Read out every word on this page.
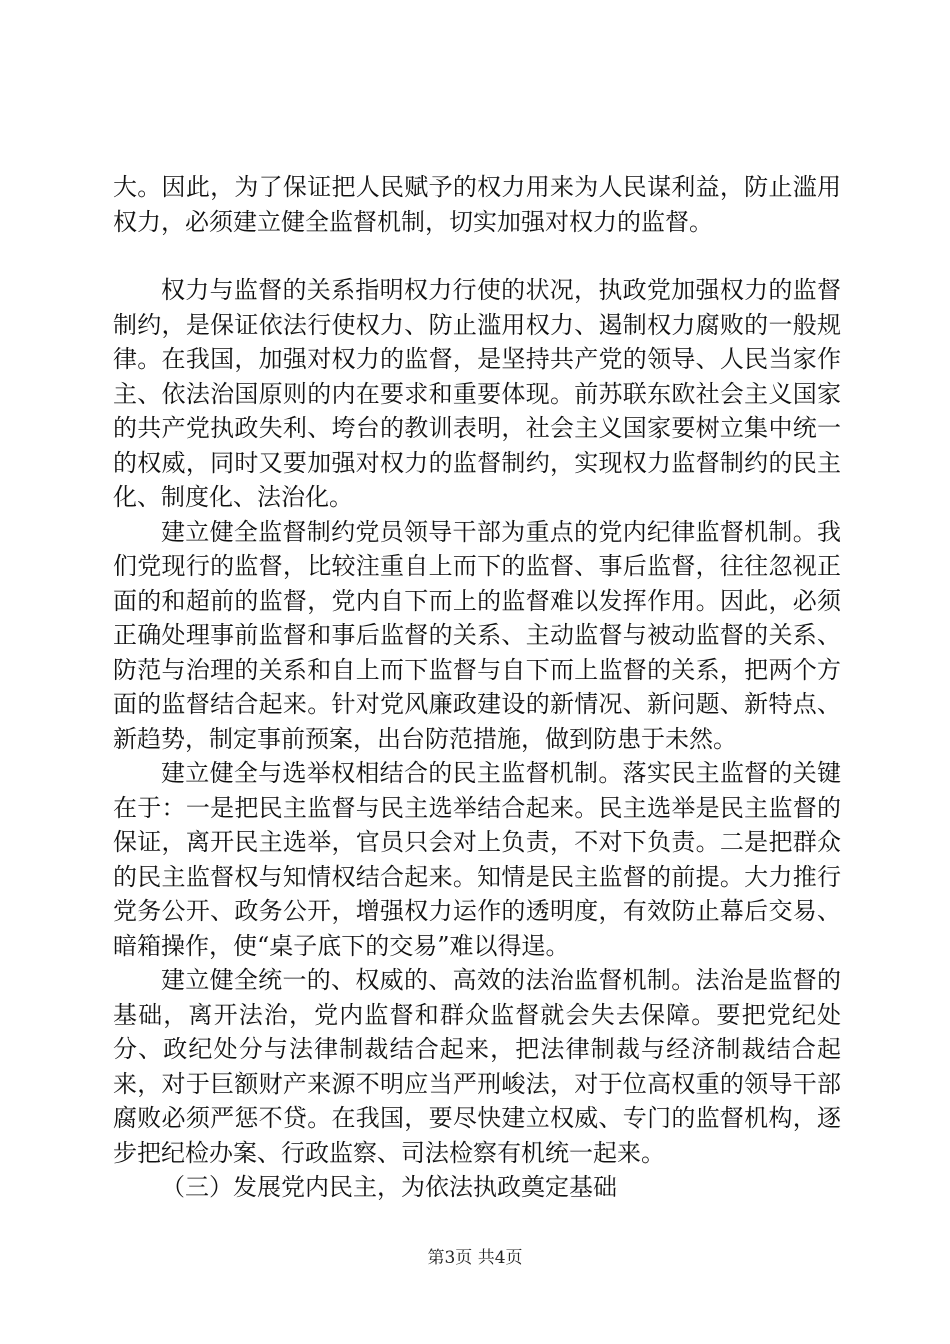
大。因此，为了保证把人民赋予的权力用来为人民谋利益，防止滥用权力，必须建立健全监督机制，切实加强对权力的监督。

权力与监督的关系指明权力行使的状况，执政党加强权力的监督制约，是保证依法行使权力、防止滥用权力、遏制权力腐败的一般规律。在我国，加强对权力的监督，是坚持共产党的领导、人民当家作主、依法治国原则的内在要求和重要体现。前苏联东欧社会主义国家的共产党执政失利、垮台的教训表明，社会主义国家要树立集中统一的权威，同时又要加强对权力的监督制约，实现权力监督制约的民主化、制度化、法治化。

建立健全监督制约党员领导干部为重点的党内纪律监督机制。我们党现行的监督，比较注重自上而下的监督、事后监督，往往忽视正面的和超前的监督，党内自下而上的监督难以发挥作用。因此，必须正确处理事前监督和事后监督的关系、主动监督与被动监督的关系、防范与治理的关系和自上而下监督与自下而上监督的关系，把两个方面的监督结合起来。针对党风廉政建设的新情况、新问题、新特点、新趋势，制定事前预案，出台防范措施，做到防患于未然。

建立健全与选举权相结合的民主监督机制。落实民主监督的关键在于：一是把民主监督与民主选举结合起来。民主选举是民主监督的保证，离开民主选举，官员只会对上负责，不对下负责。二是把群众的民主监督权与知情权结合起来。知情是民主监督的前提。大力推行党务公开、政务公开，增强权力运作的透明度，有效防止幕后交易、暗箱操作，使“桌子底下的交易”难以得逞。

建立健全统一的、权威的、高效的法治监督机制。法治是监督的基础，离开法治，党内监督和群众监督就会失去保障。要把党纪处分、政纪处分与法律制裁结合起来，把法律制裁与经济制裁结合起来，对于巨额财产来源不明应当严刑峻法，对于位高权重的领导干部腐败必须严惩不贷。在我国，要尽快建立权威、专门的监督机构，逐步把纪检办案、行政监察、司法检察有机统一起来。

（三）发展党内民主，为依法执政奠定基础

第3页 共4页
